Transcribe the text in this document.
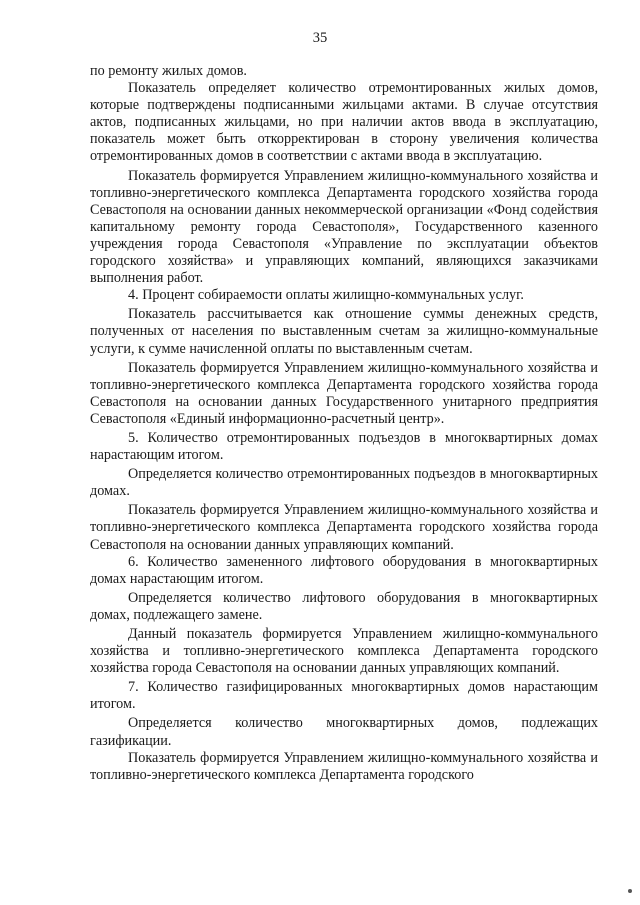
35

по ремонту жилых домов.

Показатель определяет количество отремонтированных жилых домов, которые подтверждены подписанными жильцами актами. В случае отсутствия актов, подписанных жильцами, но при наличии актов ввода в эксплуатацию, показатель может быть откорректирован в сторону увеличения количества отремонтированных домов в соответствии с актами ввода в эксплуатацию.

Показатель формируется Управлением жилищно-коммунального хозяйства и топливно-энергетического комплекса Департамента городского хозяйства города Севастополя на основании данных некоммерческой организации «Фонд содействия капитальному ремонту города Севастополя», Государственного казенного учреждения города Севастополя «Управление по эксплуатации объектов городского хозяйства» и управляющих компаний, являющихся заказчиками выполнения работ.

4. Процент собираемости оплаты жилищно-коммунальных услуг.

Показатель рассчитывается как отношение суммы денежных средств, полученных от населения по выставленным счетам за жилищно-коммунальные услуги, к сумме начисленной оплаты по выставленным счетам.

Показатель формируется Управлением жилищно-коммунального хозяйства и топливно-энергетического комплекса Департамента городского хозяйства города Севастополя на основании данных Государственного унитарного предприятия Севастополя «Единый информационно-расчетный центр».

5. Количество отремонтированных подъездов в многоквартирных домах нарастающим итогом.

Определяется количество отремонтированных подъездов в многоквартирных домах.

Показатель формируется Управлением жилищно-коммунального хозяйства и топливно-энергетического комплекса Департамента городского хозяйства города Севастополя на основании данных управляющих компаний.

6. Количество замененного лифтового оборудования в многоквартирных домах нарастающим итогом.

Определяется количество лифтового оборудования в многоквартирных домах, подлежащего замене.

Данный показатель формируется Управлением жилищно-коммунального хозяйства и топливно-энергетического комплекса Департамента городского хозяйства города Севастополя на основании данных управляющих компаний.

7. Количество газифицированных многоквартирных домов нарастающим итогом.

Определяется количество многоквартирных домов, подлежащих газификации.

Показатель формируется Управлением жилищно-коммунального хозяйства и топливно-энергетического комплекса Департамента городского
